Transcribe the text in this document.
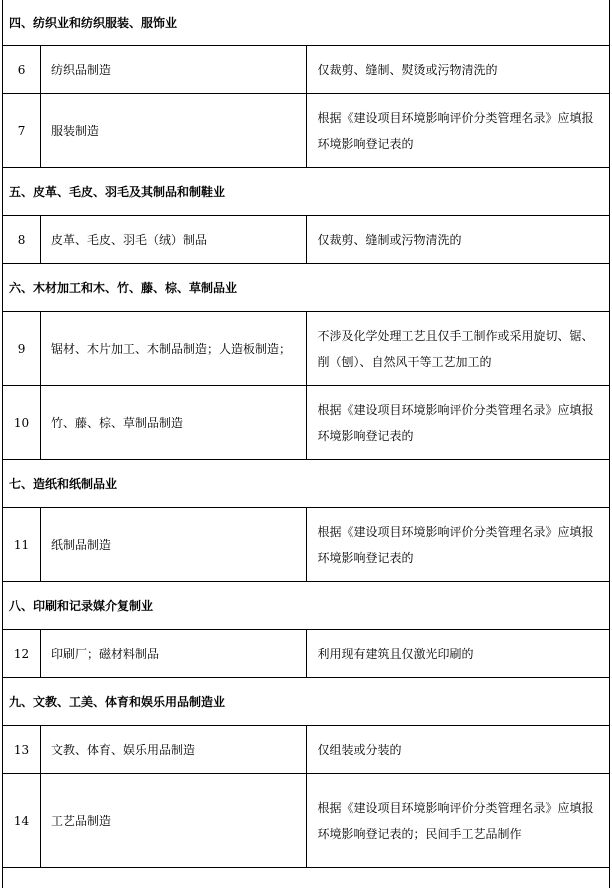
四、纺织业和纺织服装、服饰业		
6	纺织品制造	仅裁剪、缝制、熨烫或污物清洗的
7	服装制造	根据《建设项目环境影响评价分类管理名录》应填报环境影响登记表的
五、皮革、毛皮、羽毛及其制品和制鞋业		
8	皮革、毛皮、羽毛（绒）制品	仅裁剪、缝制或污物清洗的
六、木材加工和木、竹、藤、棕、草制品业		
9	锯材、木片加工、木制品制造；人造板制造；	不涉及化学处理工艺且仅手工制作或采用旋切、锯、削（刨）、自然风干等工艺加工的
10	竹、藤、棕、草制品制造	根据《建设项目环境影响评价分类管理名录》应填报环境影响登记表的
七、造纸和纸制品业		
11	纸制品制造	根据《建设项目环境影响评价分类管理名录》应填报环境影响登记表的
八、印刷和记录媒介复制业		
12	印刷厂；磁材料制品	利用现有建筑且仅激光印刷的
九、文教、工美、体育和娱乐用品制造业		
13	文教、体育、娱乐用品制造	仅组装或分装的
14	工艺品制造	根据《建设项目环境影响评价分类管理名录》应填报环境影响登记表的；民间手工艺品制作
